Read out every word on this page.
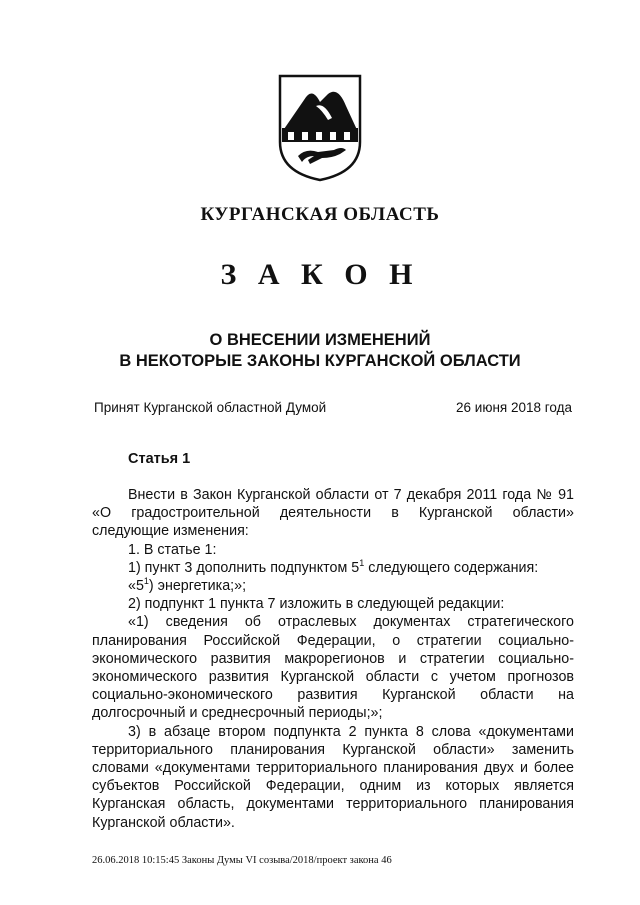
КУРГАНСКАЯ ОБЛАСТЬ
З А К О Н
О ВНЕСЕНИИ ИЗМЕНЕНИЙ
В НЕКОТОРЫЕ ЗАКОНЫ КУРГАНСКОЙ ОБЛАСТИ
Принят Курганской областной Думой	26 июня 2018 года
Статья 1

Внести в Закон Курганской области от 7 декабря 2011 года № 91 «О градостроительной деятельности в Курганской области» следующие изменения:

1. В статье 1:

1) пункт 3 дополнить подпунктом $5^1$ следующего содержания:

«$5^1$) энергетика;»;

2) подпункт 1 пункта 7 изложить в следующей редакции:

«1) сведения об отраслевых документах стратегического планирования Российской Федерации, о стратегии социально-экономического развития макрорегионов и стратегии социально-экономического развития Курганской области с учетом прогнозов социально-экономического развития Курганской области на долгосрочный и среднесрочный периоды;»;

3) в абзаце втором подпункта 2 пункта 8 слова «документами территориального планирования Курганской области» заменить словами «документами территориального планирования двух и более субъектов Российской Федерации, одним из которых является Курганская область, документами территориального планирования Курганской области».

26.06.2018 10:15:45 Законы Думы VI созыва/2018/проект закона 46
